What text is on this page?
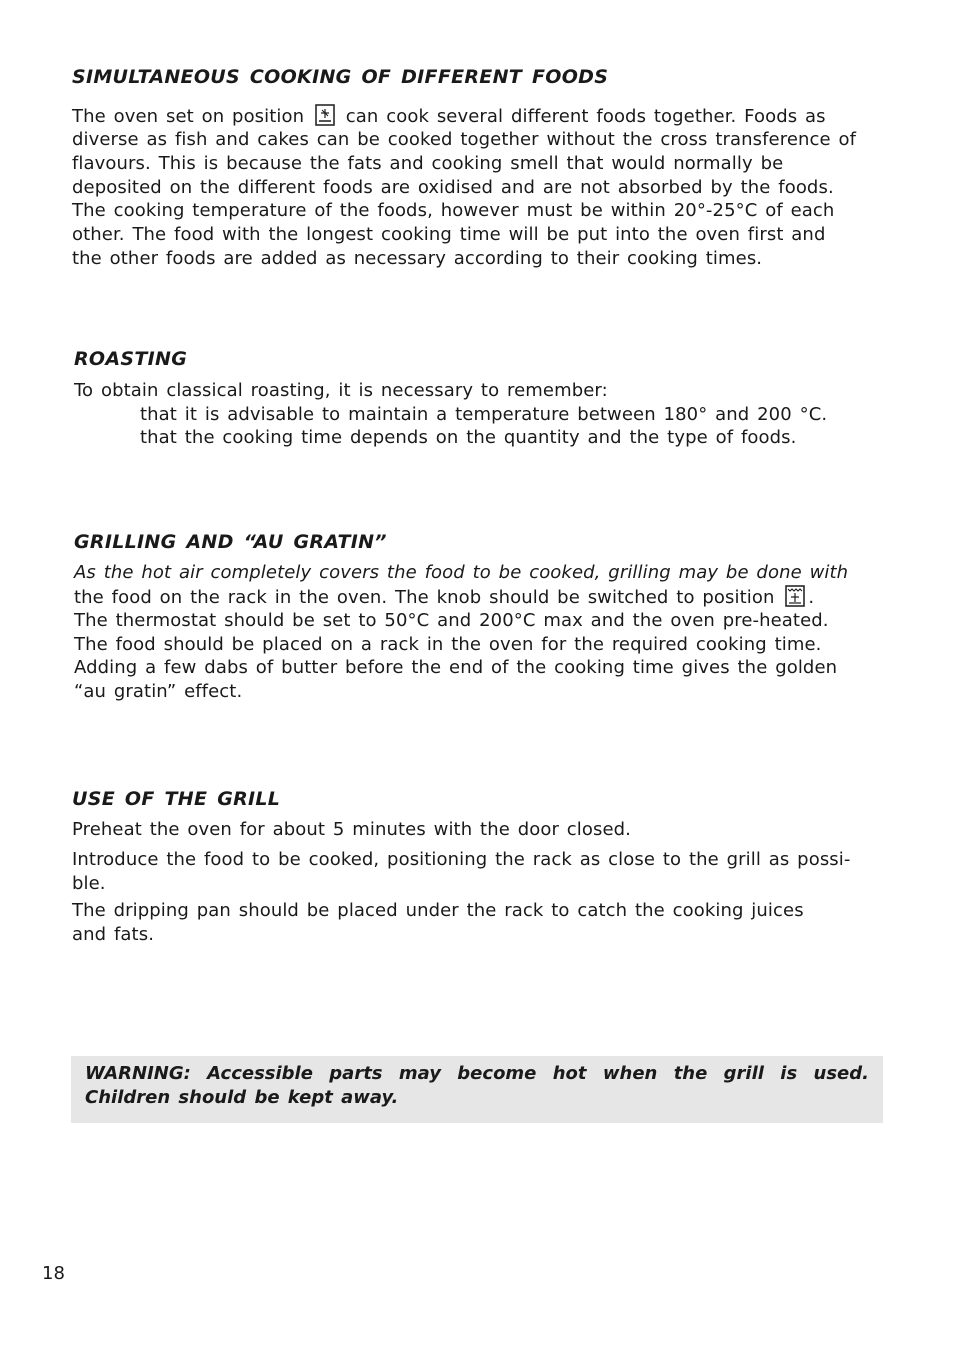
SIMULTANEOUS COOKING OF DIFFERENT FOODS
The oven set on position can cook several different foods together. Foods as
diverse as fish and cakes can be cooked together without the cross transference of
flavours. This is because the fats and cooking smell that would normally be
deposited on the different foods are oxidised and are not absorbed by the foods.
The cooking temperature of the foods, however must be within 20°-25°C of each
other. The food with the longest cooking time will be put into the oven first and
the other foods are added as necessary according to their cooking times.
ROASTING
To obtain classical roasting, it is necessary to remember:
that it is advisable to maintain a temperature between 180° and 200 °C.
that the cooking time depends on the quantity and the type of foods.
GRILLING AND “AU GRATIN”
As the hot air completely covers the food to be cooked, grilling may be done with
the food on the rack in the oven. The knob should be switched to position .
The thermostat should be set to 50°C and 200°C max and the oven pre-heated.
The food should be placed on a rack in the oven for the required cooking time.
Adding a few dabs of butter before the end of the cooking time gives the golden
“au gratin” effect.
USE OF THE GRILL
Preheat the oven for about 5 minutes with the door closed.
Introduce the food to be cooked, positioning the rack as close to the grill as possi-
ble.
The dripping pan should be placed under the rack to catch the cooking juices
and fats.
WARNING: Accessible parts may become hot when the grill is used. Children should be kept away.
18
